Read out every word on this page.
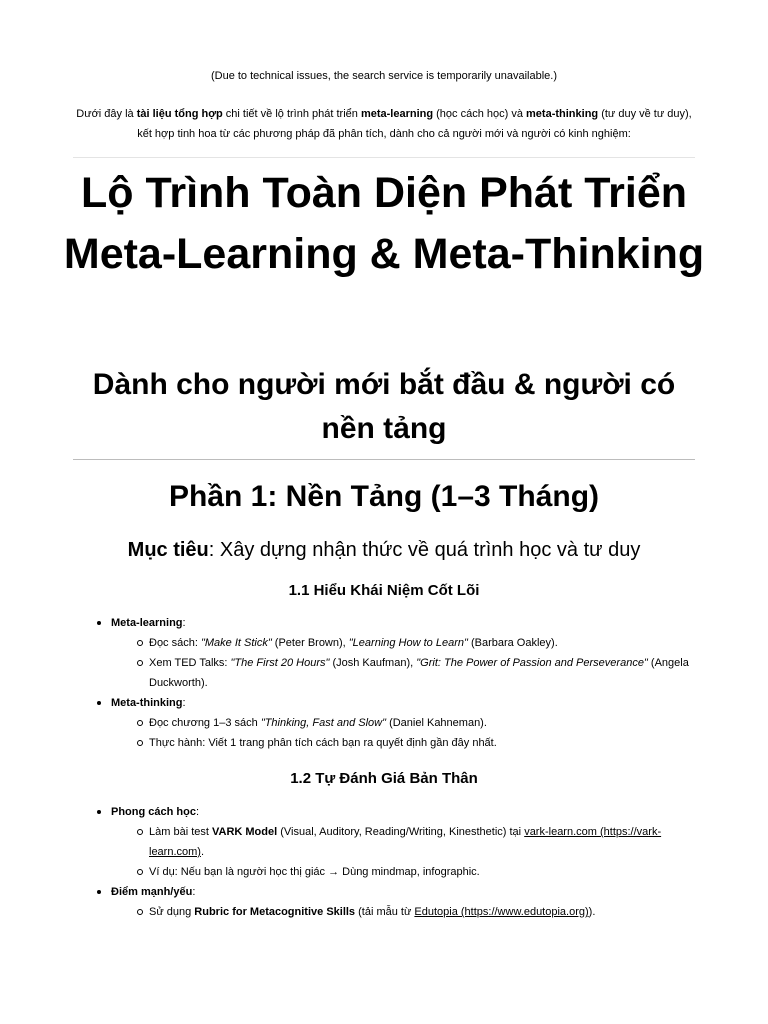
(Due to technical issues, the search service is temporarily unavailable.)
Dưới đây là tài liệu tổng hợp chi tiết về lộ trình phát triển meta-learning (học cách học) và meta-thinking (tư duy về tư duy), kết hợp tinh hoa từ các phương pháp đã phân tích, dành cho cả người mới và người có kinh nghiệm:
Lộ Trình Toàn Diện Phát Triển Meta-Learning & Meta-Thinking
Dành cho người mới bắt đầu & người có nền tảng
Phần 1: Nền Tảng (1–3 Tháng)
Mục tiêu: Xây dựng nhận thức về quá trình học và tư duy
1.1 Hiểu Khái Niệm Cốt Lõi
Meta-learning:
Đọc sách: "Make It Stick" (Peter Brown), "Learning How to Learn" (Barbara Oakley).
Xem TED Talks: "The First 20 Hours" (Josh Kaufman), "Grit: The Power of Passion and Perseverance" (Angela Duckworth).
Meta-thinking:
Đọc chương 1–3 sách "Thinking, Fast and Slow" (Daniel Kahneman).
Thực hành: Viết 1 trang phân tích cách bạn ra quyết định gần đây nhất.
1.2 Tự Đánh Giá Bản Thân
Phong cách học:
Làm bài test VARK Model (Visual, Auditory, Reading/Writing, Kinesthetic) tại vark-learn.com (https://vark-learn.com).
Ví dụ: Nếu bạn là người học thị giác → Dùng mindmap, infographic.
Điểm mạnh/yếu:
Sử dụng Rubric for Metacognitive Skills (tải mẫu từ Edutopia (https://www.edutopia.org)).
